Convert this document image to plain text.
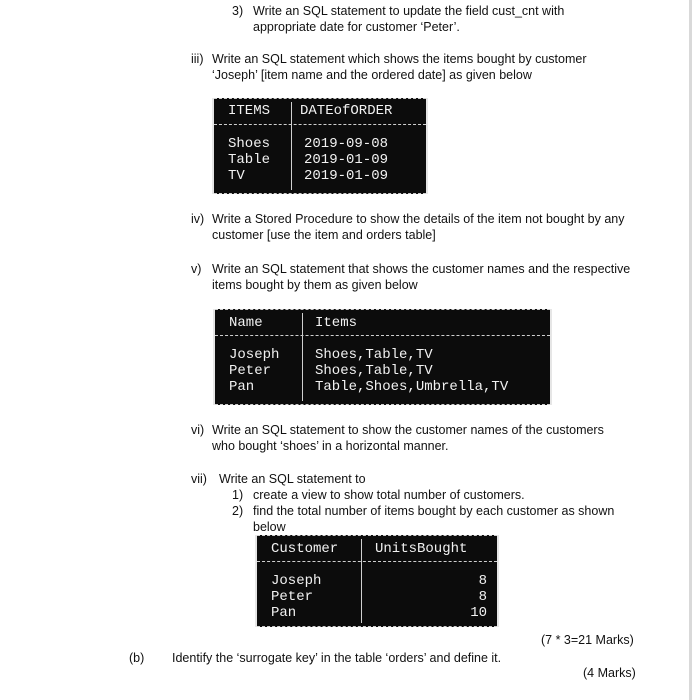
3) Write an SQL statement to update the field cust_cnt with
appropriate date for customer ‘Peter’.
iii) Write an SQL statement which shows the items bought by customer
‘Joseph’ [item name and the ordered date] as given below
ITEMS DATEofORDER
Shoes 2019-09-08
Table 2019-01-09
TV	2019-01-09
iv) Write a Stored Procedure to show the details of the item not bought by any
customer [use the item and orders table]
v) Write an SQL statement that shows the customer names and the respective
items bought by them as given below
Name	Items
Joseph	Shoes,Table,TV
Peter	Shoes,Table,TV
Pan	Table,Shoes,Umbrella,TV
vi) Write an SQL statement to show the customer names of the customers
who bought ‘shoes’ in a horizontal manner.
vii) Write an SQL statement to
1) create a view to show total number of customers.
2) find the total number of items bought by each customer as shown
below
Customer	UnitsBought
Joseph	8
Peter	8
Pan	10
(7 * 3=21 Marks)
(b) Identify the ‘surrogate key’ in the table ‘orders’ and define it.
(4 Marks)
